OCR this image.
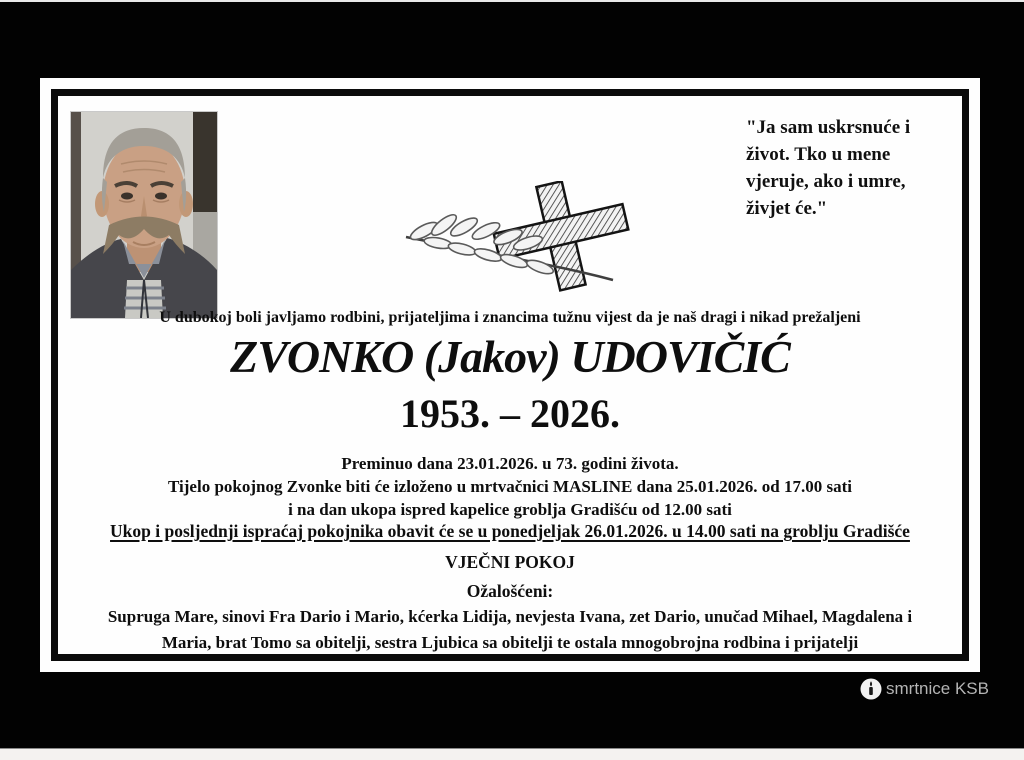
"Ja sam uskrsnuće i život. Tko u mene vjeruje, ako i umre, živjet će."
U dubokoj boli javljamo rodbini, prijateljima i znancima tužnu vijest da je naš dragi i nikad prežaljeni
ZVONKO (Jakov) UDOVIČIĆ
1953. – 2026.
Preminuo dana 23.01.2026. u 73. godini života.
Tijelo pokojnog Zvonke biti će izloženo u mrtvačnici MASLINE dana 25.01.2026. od 17.00 sati
i na dan ukopa ispred kapelice groblja Gradišću od 12.00 sati
Ukop i posljednji ispraćaj pokojnika obavit će se u ponedjeljak 26.01.2026. u 14.00 sati na groblju Gradišće
VJEČNI POKOJ
Ožalošćeni:
Supruga Mare, sinovi Fra Dario i Mario, kćerka Lidija, nevjesta Ivana, zet Dario, unučad Mihael, Magdalena i
Maria, brat Tomo sa obitelji, sestra Ljubica sa obitelji te ostala mnogobrojna rodbina i prijatelji
smrtnice KSB
